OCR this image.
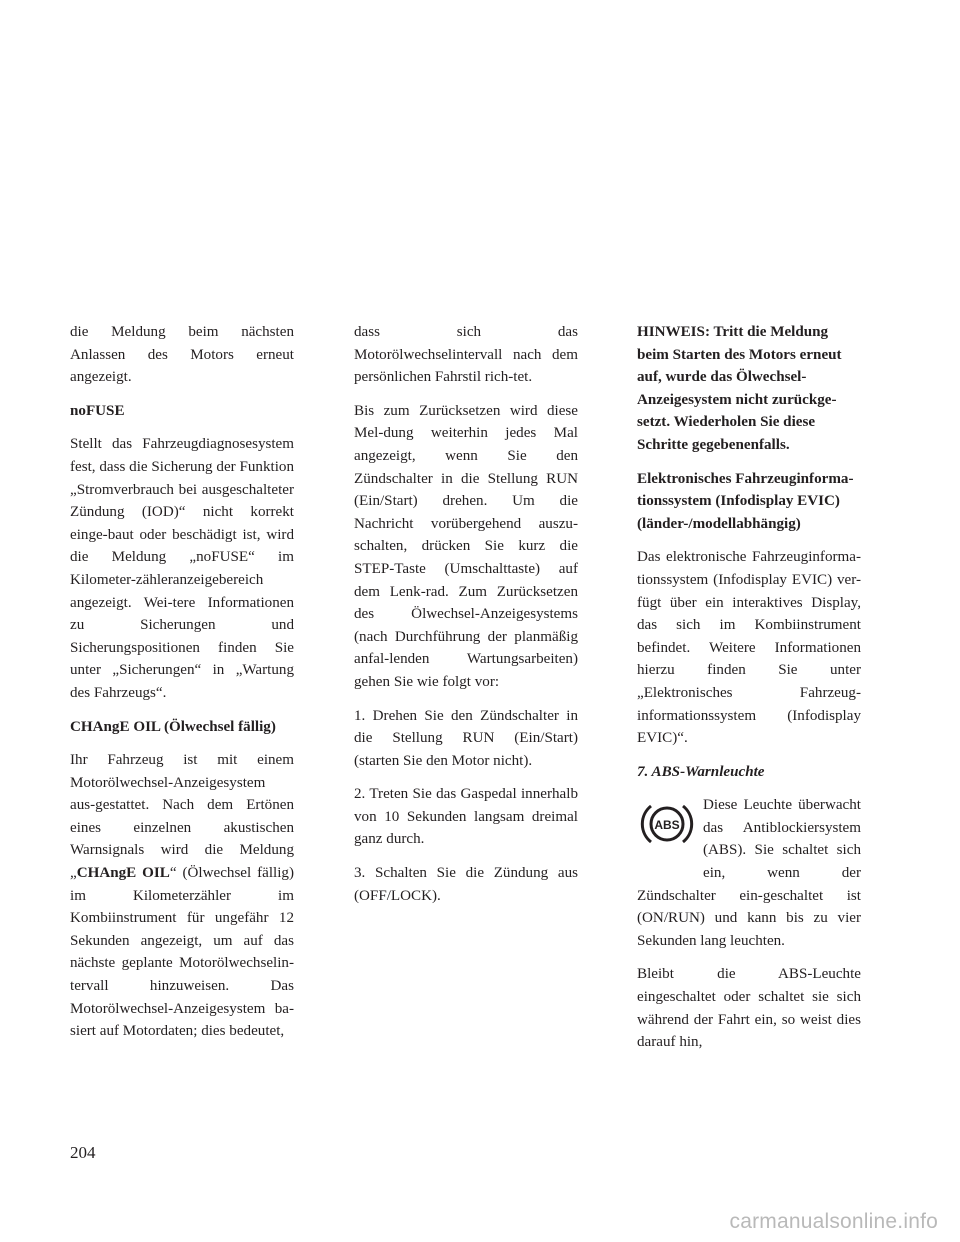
die Meldung beim nächsten Anlassen des Motors erneut angezeigt.

noFUSE

Stellt das Fahrzeugdiagnosesystem fest, dass die Sicherung der Funktion „Stromverbrauch bei ausgeschalteter Zündung (IOD)“ nicht korrekt einge-baut oder beschädigt ist, wird die Meldung „noFUSE“ im Kilometer-zähleranzeigebereich angezeigt. Wei-tere Informationen zu Sicherungen und Sicherungspositionen finden Sie unter „Sicherungen“ in „Wartung des Fahrzeugs“.

CHAngE OIL (Ölwechsel fällig)

Ihr Fahrzeug ist mit einem Motorölwechsel-Anzeigesystem aus-gestattet. Nach dem Ertönen eines einzelnen akustischen Warnsignals wird die Meldung „CHAngE OIL“ (Ölwechsel fällig) im Kilometerzähler im Kombiinstrument für ungefähr 12 Sekunden angezeigt, um auf das nächste geplante Motorölwechselin-tervall hinzuweisen. Das Motorölwechsel-Anzeigesystem ba-siert auf Motordaten; dies bedeutet,

dass sich das Motorölwechselintervall nach dem persönlichen Fahrstil rich-tet.

Bis zum Zurücksetzen wird diese Mel-dung weiterhin jedes Mal angezeigt, wenn Sie den Zündschalter in die Stellung RUN (Ein/Start) drehen. Um die Nachricht vorübergehend auszu-schalten, drücken Sie kurz die STEP-Taste (Umschalttaste) auf dem Lenk-rad. Zum Zurücksetzen des Ölwechsel-Anzeigesystems (nach Durchführung der planmäßig anfal-lenden Wartungsarbeiten) gehen Sie wie folgt vor:

1. Drehen Sie den Zündschalter in die Stellung RUN (Ein/Start) (starten Sie den Motor nicht).

2. Treten Sie das Gaspedal innerhalb von 10 Sekunden langsam dreimal ganz durch.

3. Schalten Sie die Zündung aus (OFF/LOCK).

HINWEIS: Tritt die Meldung beim Starten des Motors erneut auf, wurde das Ölwechsel-Anzeigesystem nicht zurückge-setzt. Wiederholen Sie diese Schritte gegebenenfalls.

Elektronisches Fahrzeuginforma-tionssystem (Infodisplay EVIC) (länder-/modellabhängig)

Das elektronische Fahrzeuginforma-tionssystem (Infodisplay EVIC) ver-fügt über ein interaktives Display, das sich im Kombiinstrument befindet. Weitere Informationen hierzu finden Sie unter „Elektronisches Fahrzeug-informationssystem (Infodisplay EVIC)“.

7. ABS-Warnleuchte

ABS
Diese Leuchte überwacht das Antiblockiersystem (ABS). Sie schaltet sich ein, wenn der Zündschalter ein-geschaltet ist (ON/RUN) und kann bis zu vier Sekunden lang leuchten.

Bleibt die ABS-Leuchte eingeschaltet oder schaltet sie sich während der Fahrt ein, so weist dies darauf hin,

204
carmanualsonline.info
